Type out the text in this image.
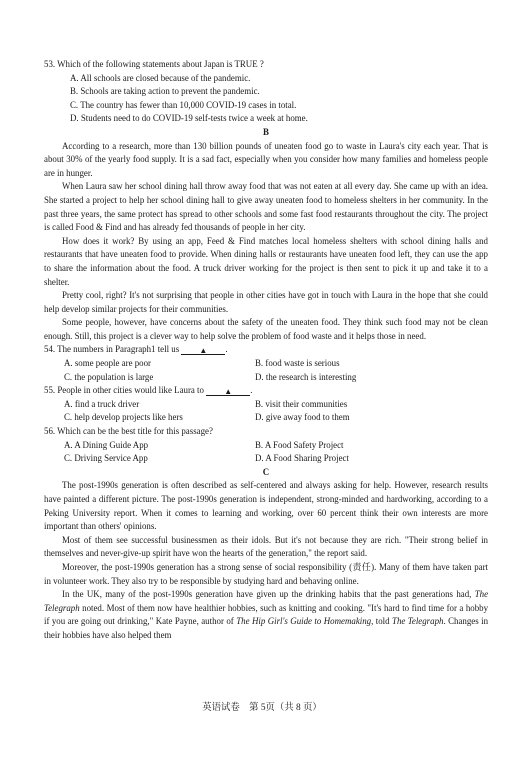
53. Which of the following statements about Japan is TRUE ?

A. All schools are closed because of the pandemic.

B. Schools are taking action to prevent the pandemic.

C. The country has fewer than 10,000 COVID-19 cases in total.

D. Students need to do COVID-19 self-tests twice a week at home.

B

According to a research, more than 130 billion pounds of uneaten food go to waste in Laura's city each year. That is about 30% of the yearly food supply. It is a sad fact, especially when you consider how many families and homeless people are in hunger.

When Laura saw her school dining hall throw away food that was not eaten at all every day. She came up with an idea. She started a project to help her school dining hall to give away uneaten food to homeless shelters in her community. In the past three years, the same protect has spread to other schools and some fast food restaurants throughout the city. The project is called Food & Find and has already fed thousands of people in her city.

How does it work? By using an app, Feed & Find matches local homeless shelters with school dining halls and restaurants that have uneaten food to provide. When dining halls or restaurants have uneaten food left, they can use the app to share the information about the food. A truck driver working for the project is then sent to pick it up and take it to a shelter.

Pretty cool, right? It's not surprising that people in other cities have got in touch with Laura in the hope that she could help develop similar projects for their communities.

Some people, however, have concerns about the safety of the uneaten food. They think such food may not be clean enough. Still, this project is a clever way to help solve the problem of food waste and it helps those in need.

54. The numbers in Paragraph1 tell us	▲ .

A. some people are poor	B. food waste is serious
C. the population is large	D. the research is interesting

55. People in other cities would like Laura to	▲ .

A. find a truck driver	B. visit their communities
C. help develop projects like hers	D. give away food to them

56. Which can be the best title for this passage?

A. A Dining Guide App	B. A Food Safety Project
C. Driving Service App	D. A Food Sharing Project

C

The post-1990s generation is often described as self-centered and always asking for help. However, research results have painted a different picture. The post-1990s generation is independent, strong-minded and hardworking, according to a Peking University report. When it comes to learning and working, over 60 percent think their own interests are more important than others' opinions.

Most of them see successful businessmen as their idols. But it's not because they are rich. "Their strong belief in themselves and never-give-up spirit have won the hearts of the generation," the report said.

Moreover, the post-1990s generation has a strong sense of social responsibility (责任). Many of them have taken part in volunteer work. They also try to be responsible by studying hard and behaving online.

In the UK, many of the post-1990s generation have given up the drinking habits that the past generations had, The Telegraph noted. Most of them now have healthier hobbies, such as knitting and cooking. "It's hard to find time for a hobby if you are going out drinking," Kate Payne, author of The Hip Girl's Guide to Homemaking, told The Telegraph. Changes in their hobbies have also helped them

英语试卷　第 5页（共 8 页）
